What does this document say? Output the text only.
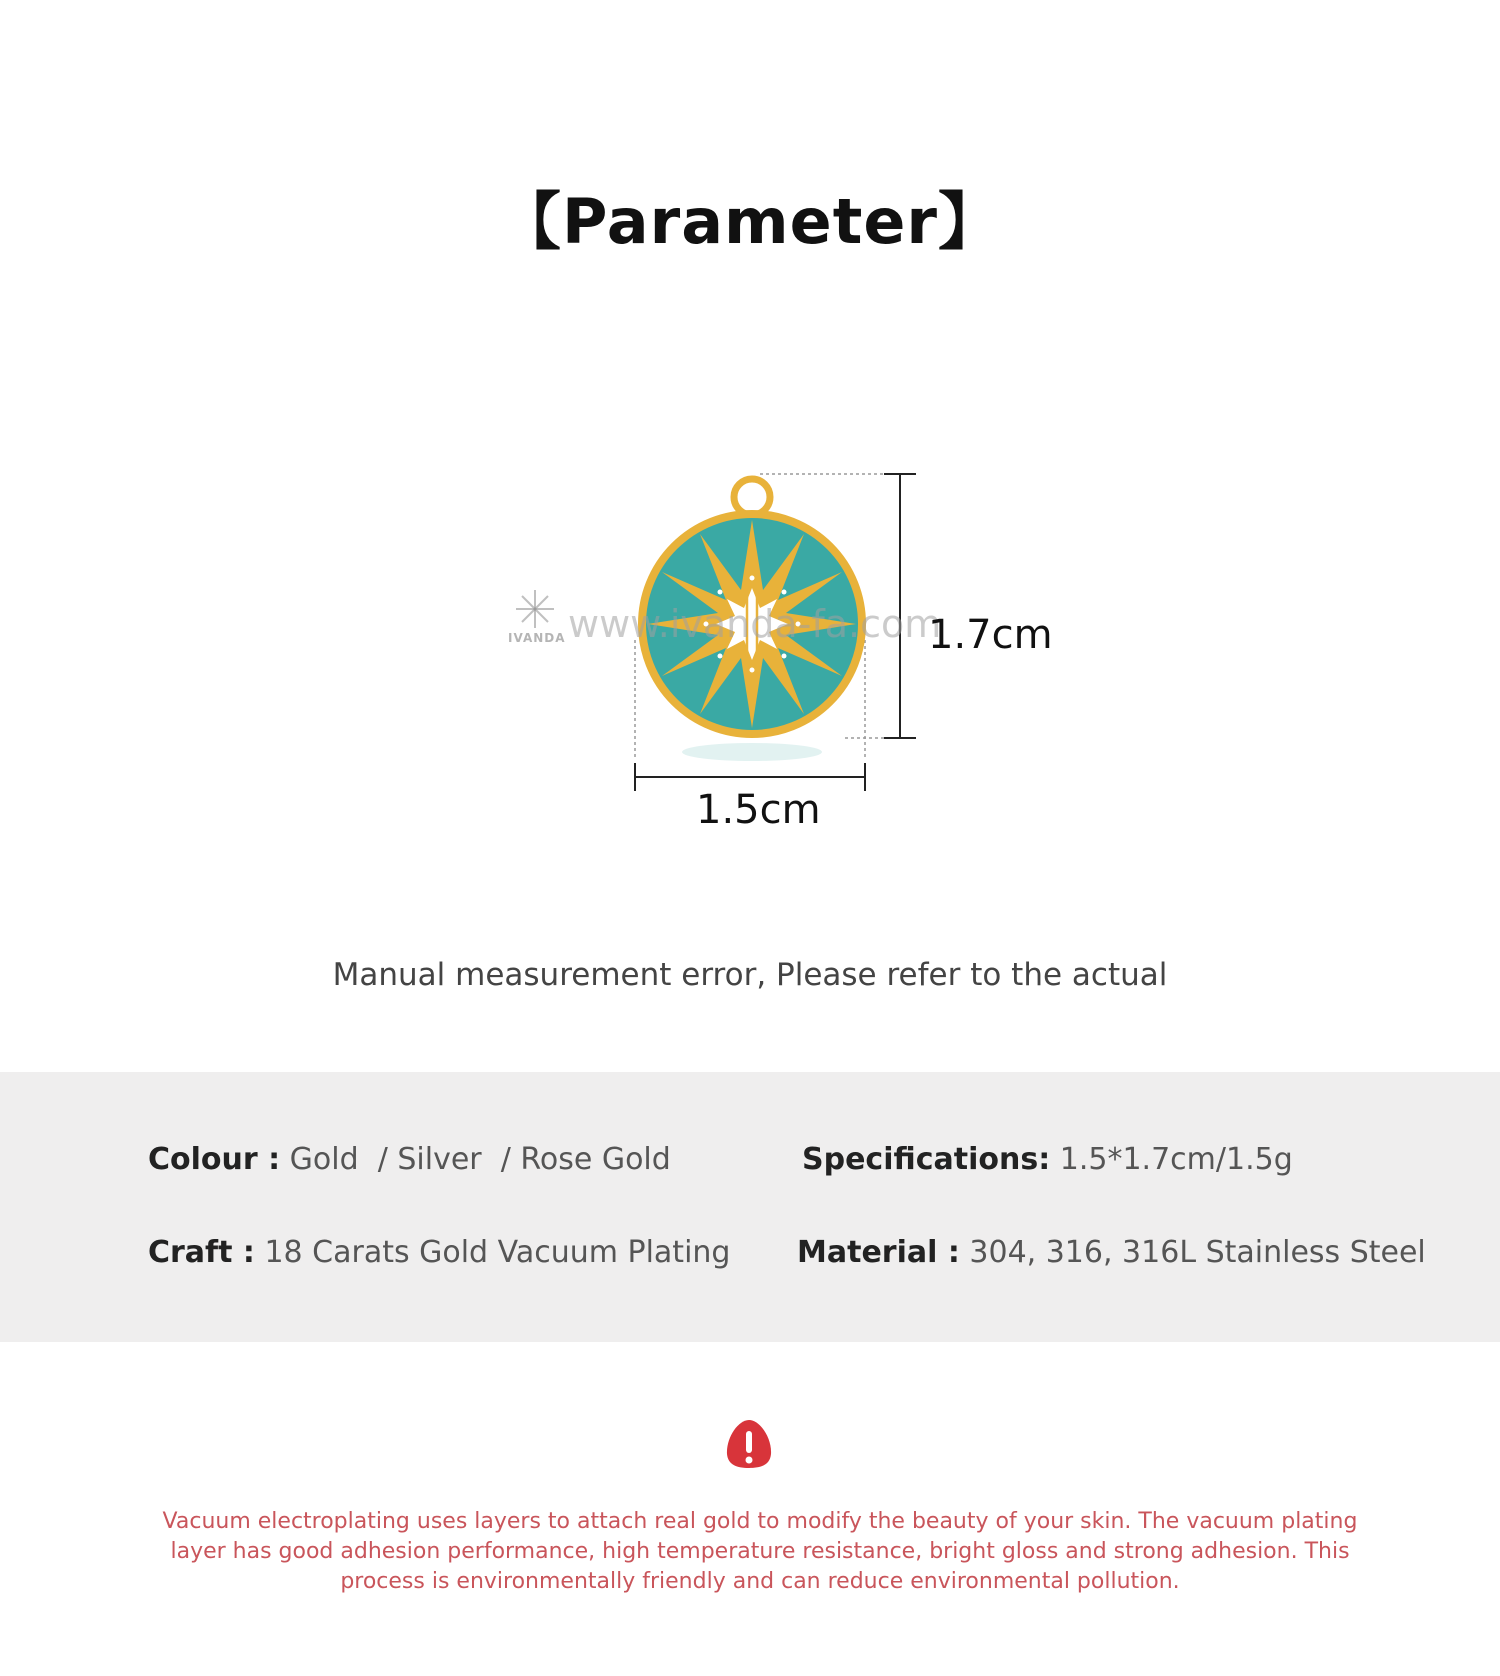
【Parameter】
www.ivanda-fa.com
IVANDA	1.7cm
1.5cm

Manual measurement error, Please refer to the actual

Colour : Gold  / Silver  / Rose Gold	Specifications: 1.5*1.7cm/1.5g
Craft : 18 Carats Gold Vacuum Plating Material : 304, 316, 316L Stainless Steel

Vacuum electroplating uses layers to attach real gold to modify the beauty of your skin. The vacuum plating layer has good adhesion performance, high temperature resistance, bright gloss and strong adhesion. This process is environmentally friendly and can reduce environmental pollution.
